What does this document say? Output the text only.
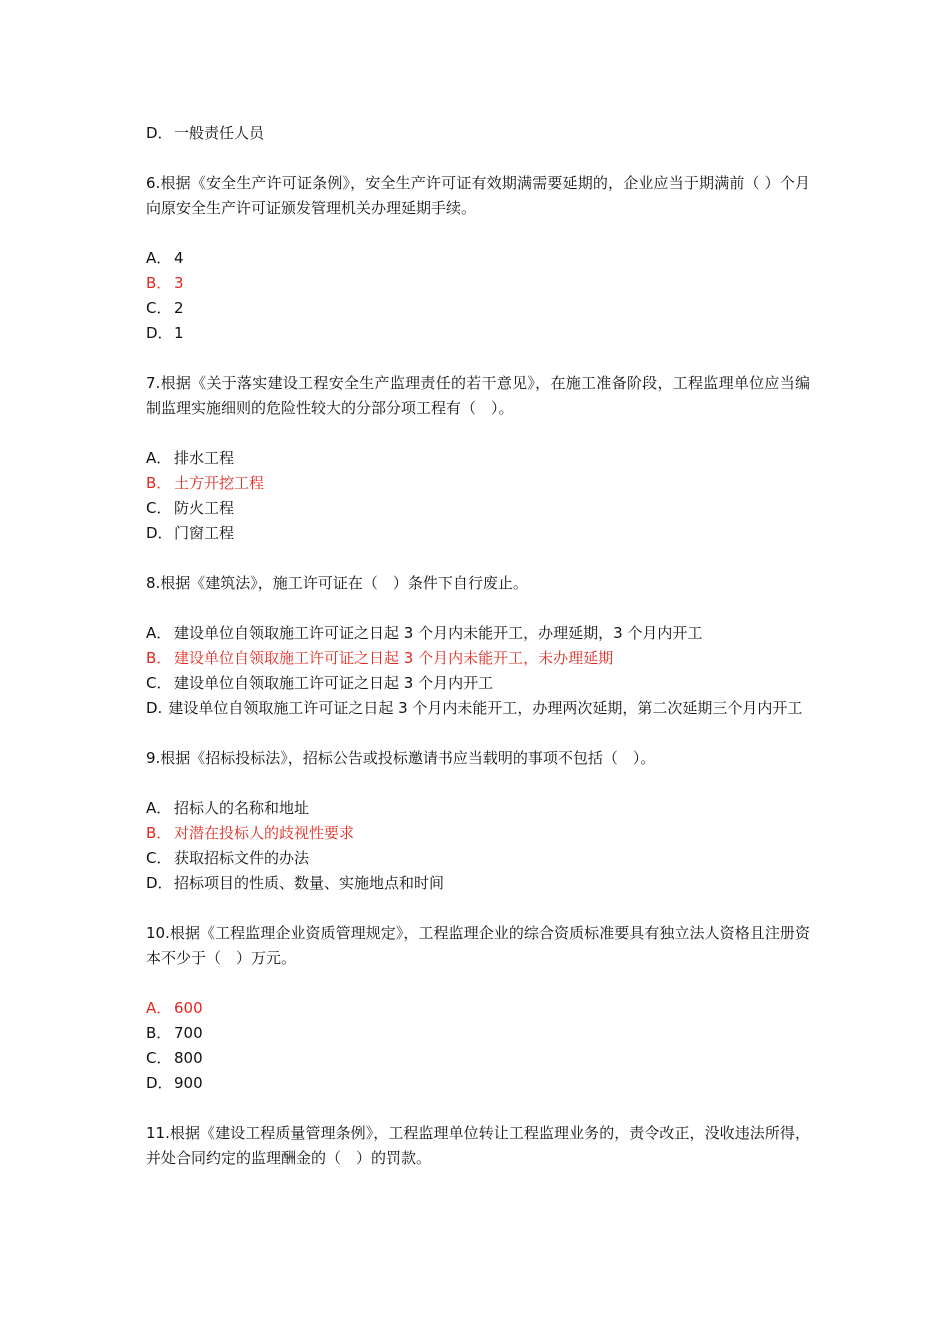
D．一般责任人员
6.根据《安全生产许可证条例》，安全生产许可证有效期满需要延期的，企业应当于期满前（ ）个月向原安全生产许可证颁发管理机关办理延期手续。
A． 4
B． 3
C． 2
D．1
7.根据《关于落实建设工程安全生产监理责任的若干意见》，在施工准备阶段，工程监理单位应当编制监理实施细则的危险性较大的分部分项工程有（　）。
A． 排水工程
B． 土方开挖工程
C． 防火工程
D．门窗工程
8.根据《建筑法》，施工许可证在（　）条件下自行废止。
A． 建设单位自领取施工许可证之日起 3 个月内未能开工，办理延期，3 个月内开工
B． 建设单位自领取施工许可证之日起 3 个月内未能开工，未办理延期
C． 建设单位自领取施工许可证之日起 3 个月内开工
D. 建设单位自领取施工许可证之日起 3 个月内未能开工，办理两次延期，第二次延期三个月内开工
9.根据《招标投标法》，招标公告或投标邀请书应当载明的事项不包括（　）。
A． 招标人的名称和地址
B． 对潜在投标人的歧视性要求
C． 获取招标文件的办法
D．招标项目的性质、数量、实施地点和时间
10.根据《工程监理企业资质管理规定》，工程监理企业的综合资质标准要具有独立法人资格且注册资本不少于（　）万元。
A． 600
B． 700
C． 800
D．900
11.根据《建设工程质量管理条例》，工程监理单位转让工程监理业务的，责令改正，没收违法所得，并处合同约定的监理酬金的（　）的罚款。
